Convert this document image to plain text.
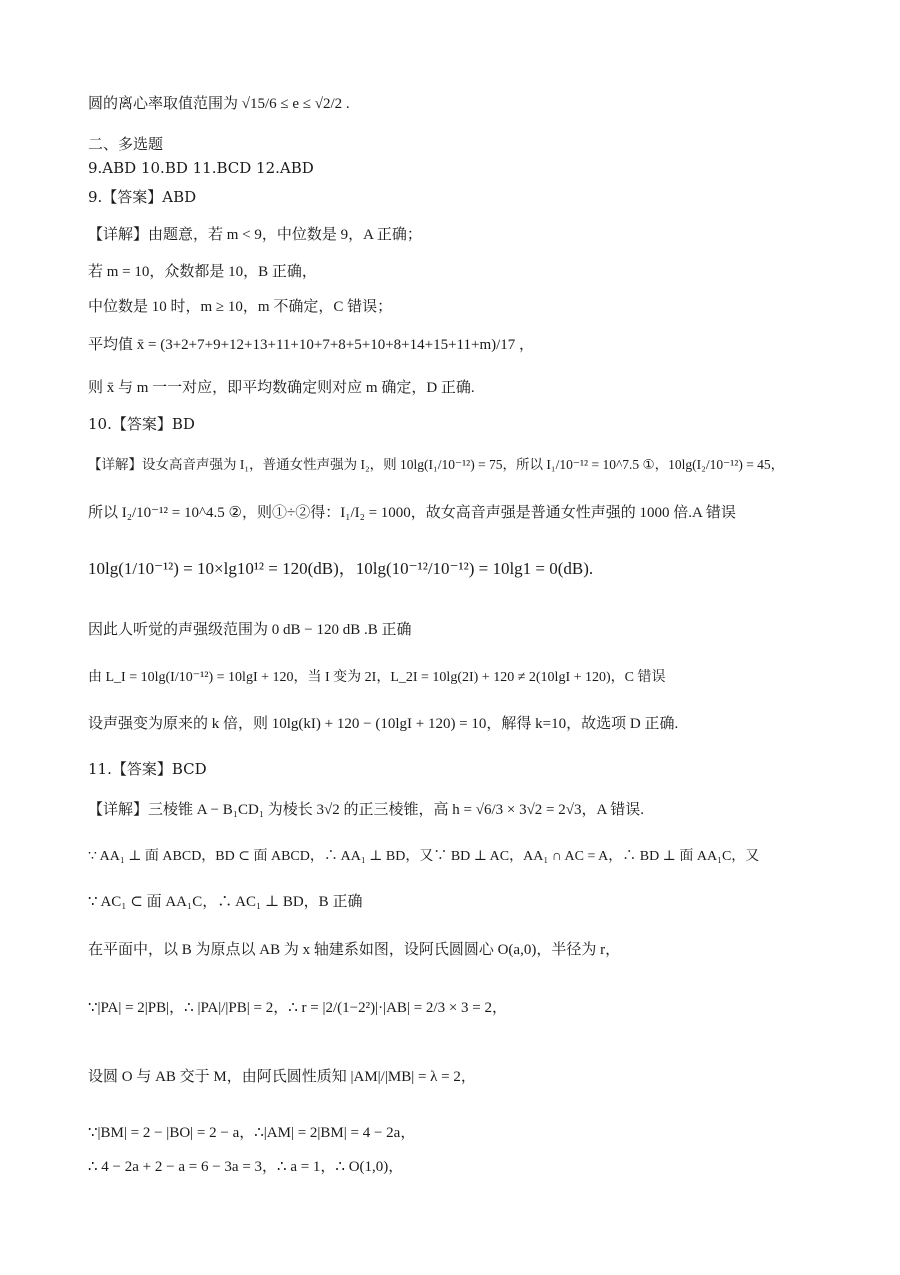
圆的离心率取值范围为 √15/6 ≤ e ≤ √2/2 .
二、多选题
9.ABD 10.BD 11.BCD 12.ABD
9.【答案】ABD
【详解】由题意，若 m < 9，中位数是 9，A 正确；
若 m = 10，众数都是 10，B 正确，
中位数是 10 时，m ≥ 10，m 不确定，C 错误；
平均值 x̄ = (3+2+7+9+12+13+11+10+7+8+5+10+8+14+15+11+m)/17 ，
则 x̄ 与 m 一一对应，即平均数确定则对应 m 确定，D 正确.
10.【答案】BD
【详解】设女高音声强为 I₁，普通女性声强为 I₂，则 10lg(I₁/10⁻¹²) = 75，所以 I₁/10⁻¹² = 10^7.5 ①，10lg(I₂/10⁻¹²) = 45，
所以 I₂/10⁻¹² = 10^4.5 ②，则①÷②得：I₁/I₂ = 1000，故女高音声强是普通女性声强的 1000 倍.A 错误
10lg(1/10⁻¹²) = 10×lg10¹² = 120(dB)，10lg(10⁻¹²/10⁻¹²) = 10lg1 = 0(dB).
因此人听觉的声强级范围为 0 dB − 120 dB .B 正确
由 L_I = 10lg(I/10⁻¹²) = 10lgI + 120，当 I 变为 2I，L_2I = 10lg(2I) + 120 ≠ 2(10lgI + 120)，C 错误
设声强变为原来的 k 倍，则 10lg(kI) + 120 − (10lgI + 120) = 10，解得 k=10，故选项 D 正确.
11.【答案】BCD
【详解】三棱锥 A − B₁CD₁ 为棱长 3√2 的正三棱锥，高 h = √6/3 × 3√2 = 2√3，A 错误.
∵ AA₁ ⊥ 面 ABCD，BD ⊂ 面 ABCD，∴ AA₁ ⊥ BD，又∵ BD ⊥ AC，AA₁ ∩ AC = A，∴ BD ⊥ 面 AA₁C，又
∵ AC₁ ⊂ 面 AA₁C，∴ AC₁ ⊥ BD，B 正确
在平面中，以 B 为原点以 AB 为 x 轴建系如图，设阿氏圆圆心 O(a,0)，半径为 r，
∵|PA| = 2|PB|，∴ |PA|/|PB| = 2，∴ r = |2/(1−2²)|·|AB| = 2/3 × 3 = 2，
设圆 O 与 AB 交于 M，由阿氏圆性质知 |AM|/|MB| = λ = 2，
∵|BM| = 2 − |BO| = 2 − a，∴|AM| = 2|BM| = 4 − 2a，
∴ 4 − 2a + 2 − a = 6 − 3a = 3，∴ a = 1，∴ O(1,0)，
